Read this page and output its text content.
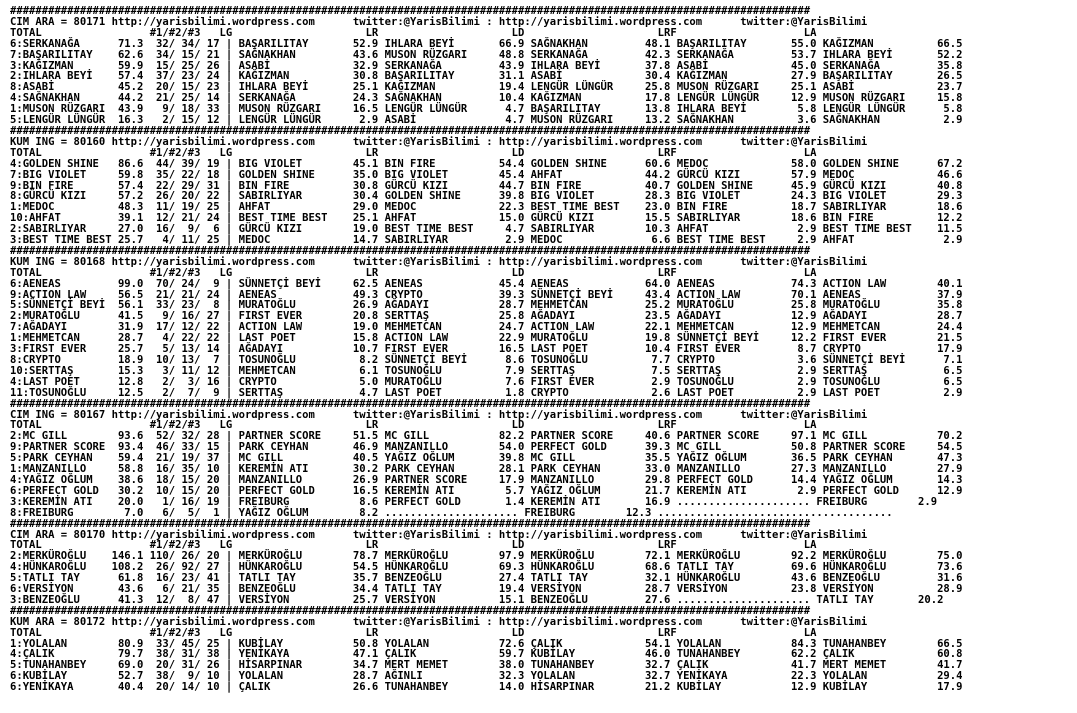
##############################################################################################################################
CIM ARA = 80171 http://yarisbilimi.wordpress.com      twitter:@YarisBilimi : http://yarisbilimi.wordpress.com      twitter:@YarisBilimi
TOTAL                 #1/#2/#3   LG                     LR                     LD                     LRF                    LA
6:SERKANAĞA      71.3  32/ 34/ 17 | BAŞARILITAY       52.9 IHLARA BEYİ       66.9 SAĞNAKHAN         48.1 BAŞARILITAY       55.0 KAĞIZMAN          66.5
7:BAŞARILITAY    62.6  34/ 15/ 21 | SAĞNAKHAN         43.6 MUSON RÜZGARI     48.8 SERKANAĞA         42.3 SERKANAĞA         53.7 IHLARA BEYİ       52.2
3:KAĞIZMAN       59.9  15/ 25/ 26 | ASABİ             32.9 SERKANAĞA         43.9 IHLARA BEYİ       37.8 ASABİ             45.0 SERKANAĞA         35.8
2:IHLARA BEYİ    57.4  37/ 23/ 24 | KAĞIZMAN          30.8 BAŞARILITAY       31.1 ASABİ             30.4 KAĞIZMAN          27.9 BAŞARILITAY       26.5
8:ASABİ          45.2  20/ 15/ 23 | IHLARA BEYİ       25.1 KAĞIZMAN          19.4 LENGÜR LÜNGÜR     25.8 MUSON RÜZGARI     25.1 ASABİ             23.7
4:SAĞNAKHAN      44.2  21/ 25/ 14 | SERKANAĞA         24.3 SAĞNAKHAN         10.4 KAĞIZMAN          17.8 LENGÜR LÜNGÜR     12.9 MUSON RÜZGARI     15.8
1:MUSON RÜZGARI  43.9   9/ 18/ 33 | MUSON RÜZGARI     16.5 LENGÜR LÜNGÜR      4.7 BAŞARILITAY       13.8 IHLARA BEYİ        5.8 LENGÜR LÜNGÜR      5.8
5:LENGÜR LÜNGÜR  16.3   2/ 15/ 12 | LENGÜR LÜNGÜR      2.9 ASABİ              4.7 MUSON RÜZGARI     13.2 SAĞNAKHAN          3.6 SAĞNAKHAN          2.9
##############################################################################################################################
KUM ING = 80160 http://yarisbilimi.wordpress.com      twitter:@YarisBilimi : http://yarisbilimi.wordpress.com      twitter:@YarisBilimi
TOTAL                 #1/#2/#3   LG                     LR                     LD                     LRF                    LA
4:GOLDEN SHINE   86.6  44/ 39/ 19 | BIG VIOLET        45.1 BIN FIRE          54.4 GOLDEN SHINE      60.6 MEDOC             58.0 GOLDEN SHINE      67.2
7:BIG VIOLET     59.8  35/ 22/ 18 | GOLDEN SHINE      35.0 BIG VIOLET        45.4 AHFAT             44.2 GÜRCÜ KIZI        57.9 MEDOC             46.6
9:BIN FIRE       57.4  22/ 29/ 31 | BIN FIRE          30.8 GÜRCÜ KIZI        44.7 BIN FIRE          40.7 GOLDEN SHINE      45.9 GÜRCÜ KIZI        40.8
8:GÜRCÜ KIZI     57.2  26/ 20/ 22 | SABIRLIYAR        30.4 GOLDEN SHINE      39.8 BIG VIOLET        28.3 BIG VIOLET        24.3 BIG VIOLET        29.3
1:MEDOC          48.3  11/ 19/ 25 | AHFAT             29.0 MEDOC             22.3 BEST TIME BEST    23.0 BIN FIRE          18.7 SABIRLIYAR        18.6
10:AHFAT         39.1  12/ 21/ 24 | BEST TIME BEST    25.1 AHFAT             15.0 GÜRCÜ KIZI        15.5 SABIRLIYAR        18.6 BIN FIRE          12.2
2:SABIRLIYAR     27.0  16/  9/  6 | GÜRCÜ KIZI        19.0 BEST TIME BEST     4.7 SABIRLIYAR        10.3 AHFAT              2.9 BEST TIME BEST    11.5
3:BEST TIME BEST 25.7   4/ 11/ 25 | MEDOC             14.7 SABIRLIYAR         2.9 MEDOC              6.6 BEST TIME BEST     2.9 AHFAT              2.9
##############################################################################################################################
KUM ING = 80168 http://yarisbilimi.wordpress.com      twitter:@YarisBilimi : http://yarisbilimi.wordpress.com      twitter:@YarisBilimi
TOTAL                 #1/#2/#3   LG                     LR                     LD                     LRF                    LA
6:AENEAS         99.0  70/ 24/  9 | SÜNNETÇİ BEYİ     62.5 AENEAS            45.4 AENEAS            64.0 AENEAS            74.3 ACTION LAW        40.1
9:ACTION LAW     56.5  21/ 21/ 24 | AENEAS            49.3 CRYPTO            39.3 SÜNNETÇİ BEYİ     43.4 ACTION LAW        70.1 AENEAS            37.9
5:SÜNNETÇİ BEYİ  56.1  33/ 23/  8 | MURATOĞLU         26.9 AĞADAYI           28.7 MEHMETCAN         25.2 MURATOĞLU         25.8 MURATOĞLU         35.8
2:MURATOĞLU      41.5   9/ 16/ 27 | FIRST EVER        20.8 SERTTAŞ           25.8 AĞADAYI           23.5 AĞADAYI           12.9 AĞADAYI           28.7
7:AĞADAYI        31.9  17/ 12/ 22 | ACTION LAW        19.0 MEHMETCAN         24.7 ACTION LAW        22.1 MEHMETCAN         12.9 MEHMETCAN         24.4
1:MEHMETCAN      28.7   4/ 22/ 22 | LAST POET         15.8 ACTION LAW        22.9 MURATOĞLU         19.8 SÜNNETÇİ BEYİ     12.2 FIRST EVER        21.5
3:FIRST EVER     25.7   5/ 13/ 14 | AĞADAYI           10.7 FIRST EVER        16.5 LAST POET         10.4 FIRST EVER         8.7 CRYPTO            17.9
8:CRYPTO         18.9  10/ 13/  7 | TOSUNOĞLU          8.2 SÜNNETÇİ BEYİ      8.6 TOSUNOĞLU          7.7 CRYPTO             3.6 SÜNNETÇİ BEYİ      7.1
10:SERTTAŞ       15.3   3/ 11/ 12 | MEHMETCAN          6.1 TOSUNOĞLU          7.9 SERTTAŞ            7.5 SERTTAŞ            2.9 SERTTAŞ            6.5
4:LAST POET      12.8   2/  3/ 16 | CRYPTO             5.0 MURATOĞLU          7.6 FIRST EVER         2.9 TOSUNOĞLU          2.9 TOSUNOĞLU          6.5
11:TOSUNOĞLU     12.5   2/  7/  9 | SERTTAŞ            4.7 LAST POET          1.8 CRYPTO             2.6 LAST POET          2.9 LAST POET          2.9
##############################################################################################################################
CIM ING = 80167 http://yarisbilimi.wordpress.com      twitter:@YarisBilimi : http://yarisbilimi.wordpress.com      twitter:@YarisBilimi
TOTAL                 #1/#2/#3   LG                     LR                     LD                     LRF                    LA
2:MC GILL        93.6  52/ 32/ 28 | PARTNER SCORE     51.5 MC GILL           82.2 PARTNER SCORE     40.6 PARTNER SCORE     97.1 MC GILL           70.2
9:PARTNER SCORE  93.4  46/ 33/ 15 | PARK CEYHAN       46.9 MANZANILLO        54.0 PERFECT GOLD      39.3 MC GILL           50.8 PARTNER SCORE     54.5
5:PARK CEYHAN    59.4  21/ 19/ 37 | MC GILL           40.5 YAĞIZ OĞLUM       39.8 MC GILL           35.5 YAĞIZ OĞLUM       36.5 PARK CEYHAN       47.3
1:MANZANILLO     58.8  16/ 35/ 10 | KEREMİN ATI       30.2 PARK CEYHAN       28.1 PARK CEYHAN       33.0 MANZANILLO        27.3 MANZANILLO        27.9
4:YAĞIZ OĞLUM    38.6  18/ 15/ 20 | MANZANILLO        26.9 PARTNER SCORE     17.9 MANZANILLO        29.8 PERFECT GOLD      14.4 YAĞIZ OĞLUM       14.3
6:PERFECT GOLD   30.2  10/ 15/ 20 | PERFECT GOLD      16.5 KEREMİN ATI        5.7 YAĞIZ OĞLUM       21.7 KEREMİN ATI        2.9 PERFECT GOLD      12.9
3:KEREMİN ATI    20.0   1/ 16/ 19 | FREIBURG           8.6 PERFECT GOLD       1.4 KEREMİN ATI       16.9 ..................... FREIBURG        2.9
8:FREIBURG        7.0   6/  5/  1 | YAĞIZ OĞLUM        8.2 ..................... FREIBURG        12.3 .....................................
##############################################################################################################################
CIM ARA = 80170 http://yarisbilimi.wordpress.com      twitter:@YarisBilimi : http://yarisbilimi.wordpress.com      twitter:@YarisBilimi
TOTAL                 #1/#2/#3   LG                     LR                     LD                     LRF                    LA
2:MERKÜROĞLU    146.1 110/ 26/ 20 | MERKÜROĞLU        78.7 MERKÜROĞLU        97.9 MERKÜROĞLU        72.1 MERKÜROĞLU        92.2 MERKÜROĞLU        75.0
4:HÜNKAROĞLU    108.2  26/ 92/ 27 | HÜNKAROĞLU        54.5 HÜNKAROĞLU        69.3 HÜNKAROĞLU        68.6 TATLI TAY         69.6 HÜNKAROĞLU        73.6
5:TATLI TAY      61.8  16/ 23/ 41 | TATLI TAY         35.7 BENZEOĞLU         27.4 TATLI TAY         32.1 HÜNKAROĞLU        43.6 BENZEOĞLU         31.6
6:VERSİYON       43.6   6/ 21/ 35 | BENZEOĞLU         34.4 TATLI TAY         19.4 VERSİYON          28.7 VERSİYON          23.8 VERSİYON          28.9
3:BENZEOĞLU      41.3  12/  8/ 47 | VERSİYON          25.7 VERSİYON          15.1 BENZEOĞLU         27.6 ..................... TATLI TAY       20.2
##############################################################################################################################
KUM ARA = 80172 http://yarisbilimi.wordpress.com      twitter:@YarisBilimi : http://yarisbilimi.wordpress.com      twitter:@YarisBilimi
TOTAL                 #1/#2/#3   LG                     LR                     LD                     LRF                    LA
1:YOLALAN        80.9  33/ 45/ 25 | KUBİLAY           50.8 YOLALAN           72.6 ÇALIK             54.1 YOLALAN           84.3 TUNAHANBEY        66.5
4:ÇALIK          79.7  38/ 31/ 38 | YENİKAYA          47.1 ÇALIK             59.7 KUBİLAY           46.0 TUNAHANBEY        62.2 ÇALIK             60.8
5:TUNAHANBEY     69.0  20/ 31/ 26 | HİSARPINAR        34.7 MERT MEMET        38.0 TUNAHANBEY        32.7 ÇALIK             41.7 MERT MEMET        41.7
6:KUBİLAY        52.7  38/  9/ 10 | YOLALAN           28.7 AĞINLI            32.3 YOLALAN           32.7 YENİKAYA          22.3 YOLALAN           29.4
6:YENİKAYA       40.4  20/ 14/ 10 | ÇALIK             26.6 TUNAHANBEY        14.0 HİSARPINAR        21.2 KUBİLAY           12.9 KUBİLAY           17.9
